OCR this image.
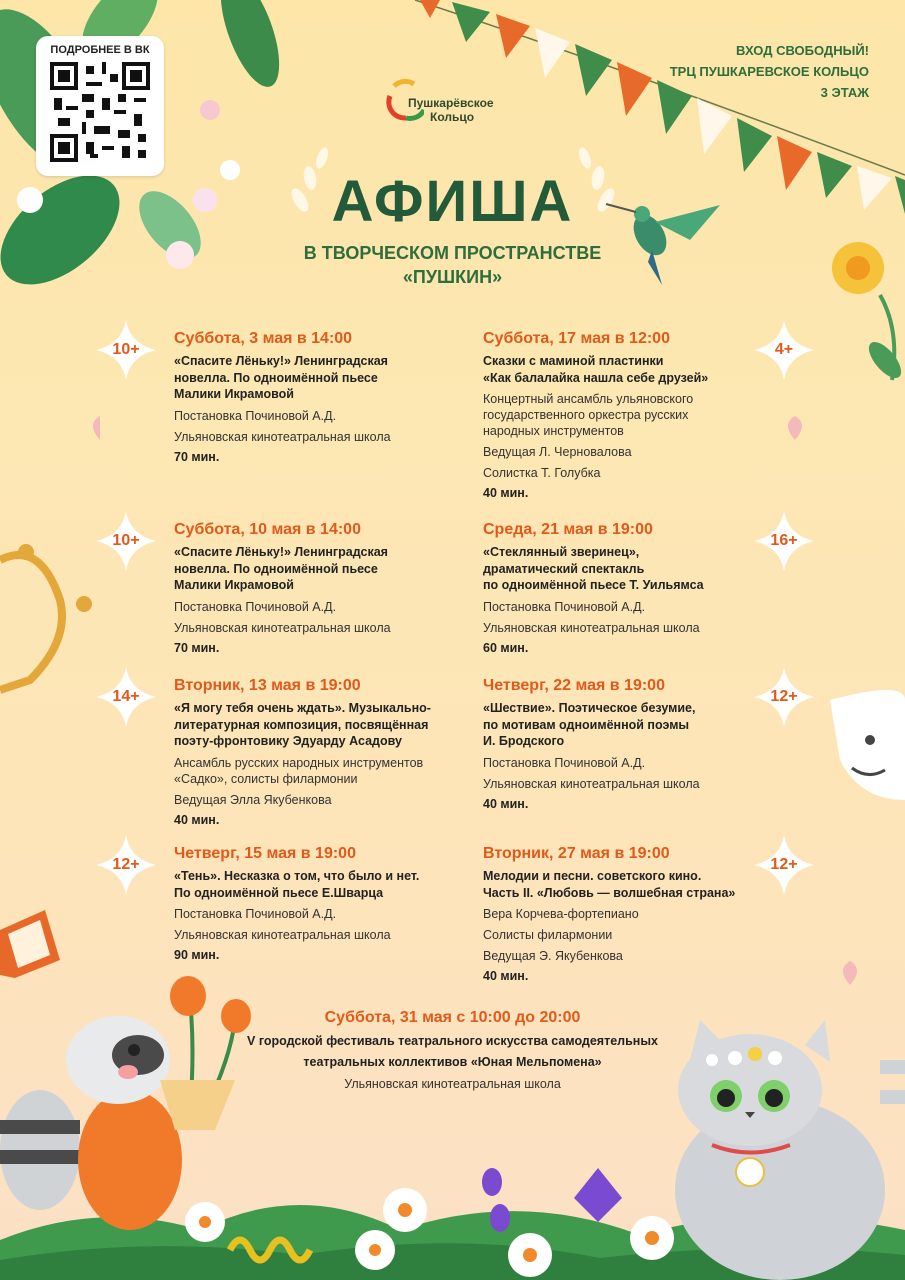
ПОДРОБНЕЕ В ВК
Пушкарёвское
Кольцо
ВХОД СВОБОДНЫЙ!
ТРЦ ПУШКАРЕВСКОЕ КОЛЬЦО
3 ЭТАЖ
АФИША
В ТВОРЧЕСКОМ ПРОСТРАНСТВЕ
«ПУШКИН»
Суббота, 31 мая с 10:00 до 20:00
V городской фестиваль театрального искусства самодеятельных
театральных коллективов «Юная Мельпомена»
Ульяновская кинотеатральная школа
10+
Суббота, 3 мая в 14:00
«Спасите Лёньку!» Ленинградская
новелла. По одноимённой пьесе
Малики Икрамовой
Постановка Починовой А.Д.
Ульяновская кинотеатральная школа
70 мин.
10+
Суббота, 10 мая в 14:00
«Спасите Лёньку!» Ленинградская
новелла. По одноимённой пьесе
Малики Икрамовой
Постановка Починовой А.Д.
Ульяновская кинотеатральная школа
70 мин.
14+
Вторник, 13 мая в 19:00
«Я могу тебя очень ждать». Музыкально-
литературная композиция, посвящённая
поэту-фронтовику Эдуарду Асадову
Ансамбль русских народных инструментов
«Садко», солисты филармонии
Ведущая Элла Якубенкова
40 мин.
12+
Четверг, 15 мая в 19:00
«Тень». Несказка о том, что было и нет.
По одноимённой пьесе Е.Шварца
Постановка Починовой А.Д.
Ульяновская кинотеатральная школа
90 мин.
4+
Суббота, 17 мая в 12:00
Сказки с маминой пластинки
«Как балалайка нашла себе друзей»
Концертный ансамбль ульяновского
государственного оркестра русских
народных инструментов
Ведущая Л. Черновалова
Солистка Т. Голубка
40 мин.
16+
Среда, 21 мая в 19:00
«Стеклянный зверинец»,
драматический спектакль
по одноимённой пьесе Т. Уильямса
Постановка Починовой А.Д.
Ульяновская кинотеатральная школа
60 мин.
12+
Четверг, 22 мая в 19:00
«Шествие». Поэтическое безумие,
по мотивам одноимённой поэмы
И. Бродского
Постановка Починовой А.Д.
Ульяновская кинотеатральная школа
40 мин.
12+
Вторник, 27 мая в 19:00
Мелодии и песни. советского кино.
Часть II. «Любовь — волшебная страна»
Вера Корчева-фортепиано
Солисты филармонии
Ведущая Э. Якубенкова
40 мин.
